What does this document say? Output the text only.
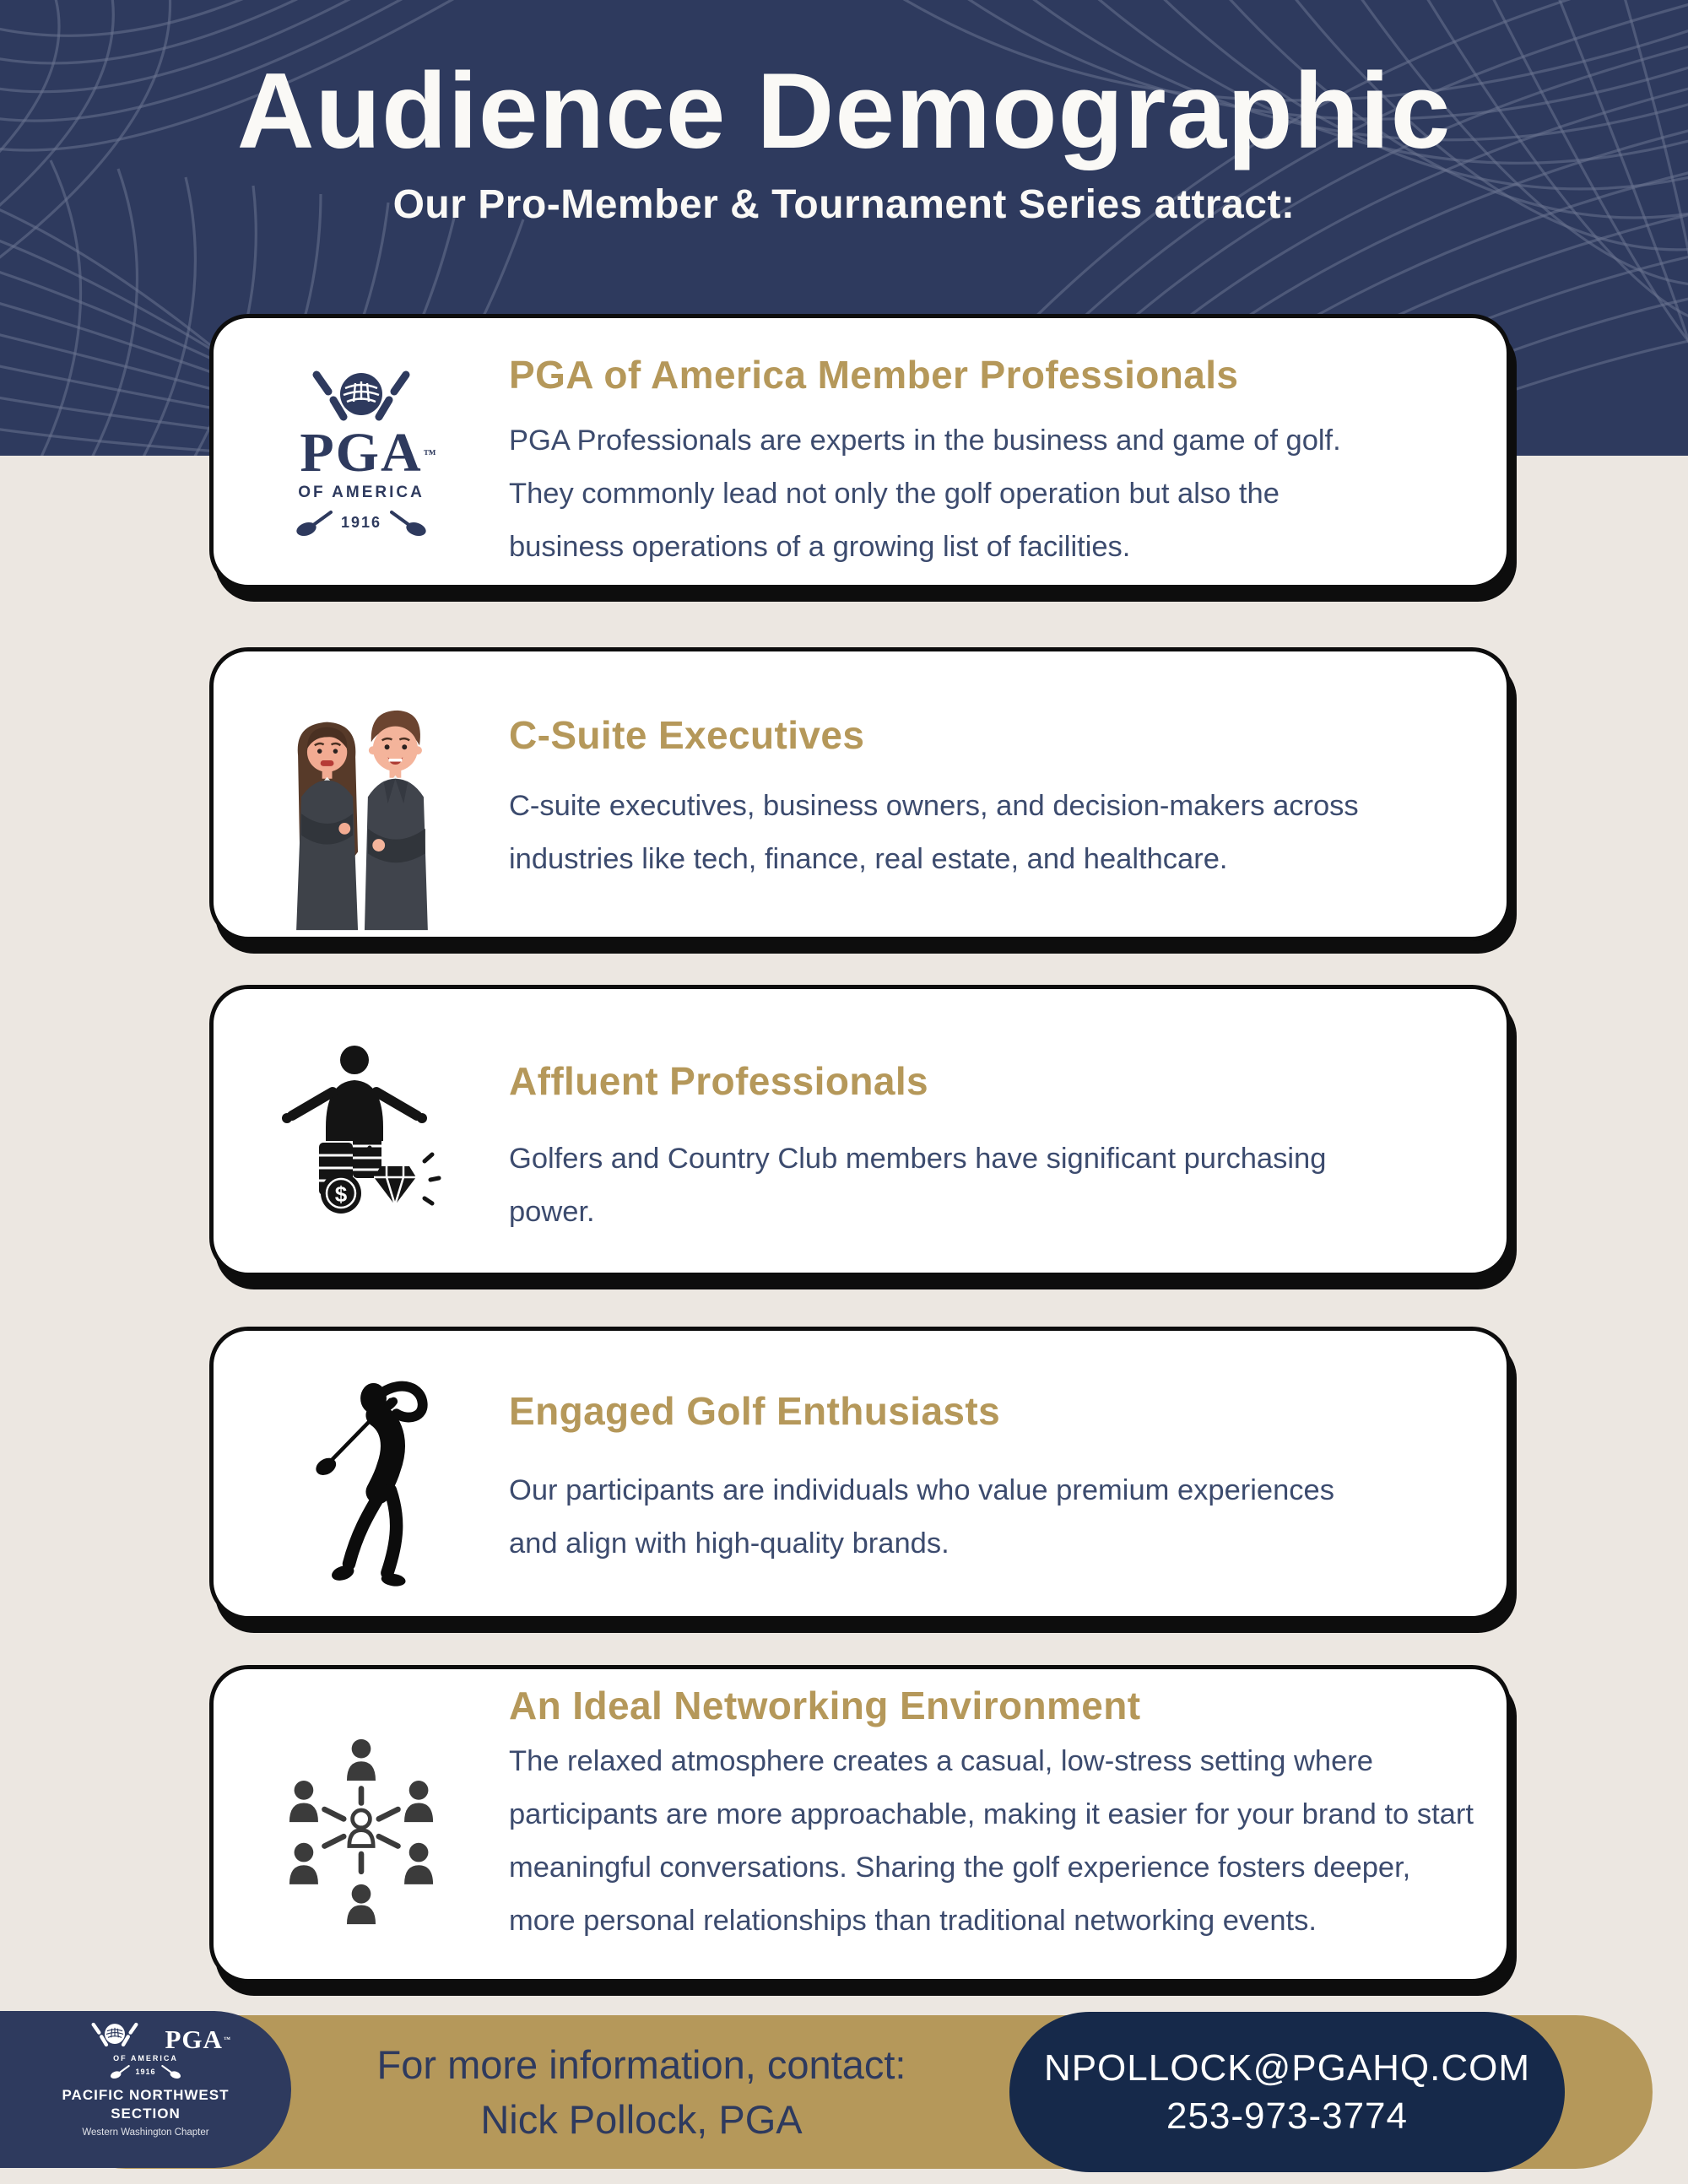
Audience Demographic
Our Pro-Member & Tournament Series attract:
PGA ™
OF AMERICA
1916
PGA of America Member Professionals

PGA Professionals are experts in the business and game of golf. They commonly lead not only the golf operation but also the business operations of a growing list of facilities.

C-Suite Executives

C-suite executives, business owners, and decision-makers across industries like tech, finance, real estate, and healthcare.

$
Affluent Professionals

Golfers and Country Club members have significant purchasing power.

Engaged Golf Enthusiasts

Our participants are individuals who value premium experiences and align with high-quality brands.

An Ideal Networking Environment

The relaxed atmosphere creates a casual, low-stress setting where participants are more approachable, making it easier for your brand to start meaningful conversations. Sharing the golf experience fosters deeper, more personal relationships than traditional networking events.

For more information, contact:
Nick Pollock, PGA
NPOLLOCK@PGAHQ.COM
253-973-3774
PGA ™
OF AMERICA
1916
PACIFIC NORTHWEST
SECTION
Western Washington Chapter
